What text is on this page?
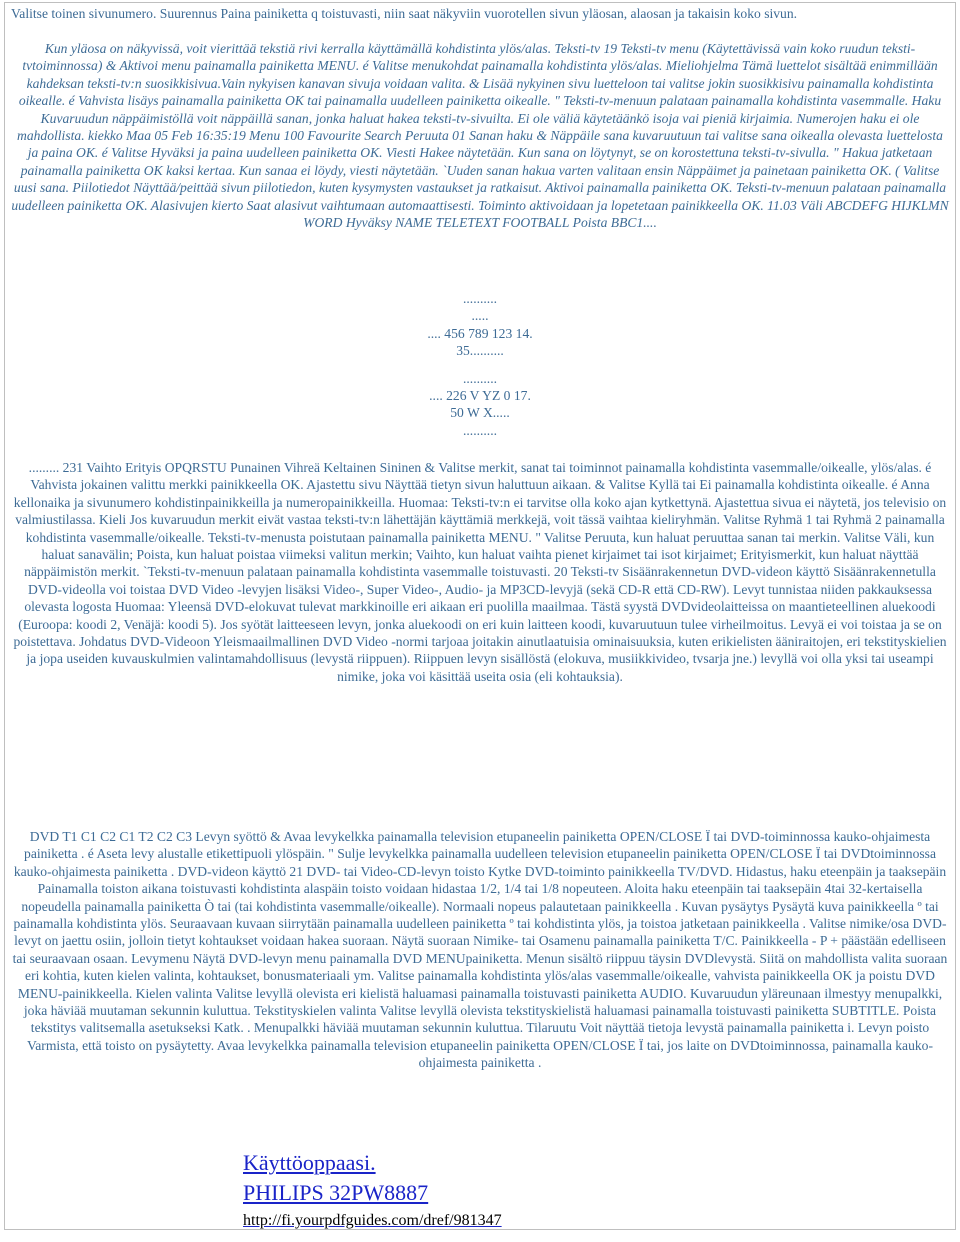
Valitse toinen sivunumero. Suurennus Paina painiketta q toistuvasti, niin saat näkyviin vuorotellen sivun yläosan, alaosan ja takaisin koko sivun.

Kun yläosa on näkyvissä, voit vierittää tekstiä rivi kerralla käyttämällä kohdistinta ylös/alas. Teksti-tv 19 Teksti-tv menu (Käytettävissä vain koko ruudun teksti-tvtoiminnossa) & Aktivoi menu painamalla painiketta MENU. é Valitse menukohdat painamalla kohdistinta ylös/alas. Mieliohjelma Tämä luettelot sisältää enimmillään kahdeksan teksti-tv:n suosikkisivua.Vain nykyisen kanavan sivuja voidaan valita. & Lisää nykyinen sivu luetteloon tai valitse jokin suosikkisivu painamalla kohdistinta oikealle. é Vahvista lisäys painamalla painiketta OK tai painamalla uudelleen painiketta oikealle. " Teksti-tv-menuun palataan painamalla kohdistinta vasemmalle. Haku Kuvaruudun näppäimistöllä voit näppäillä sanan, jonka haluat hakea teksti-tv-sivuilta. Ei ole väliä käytetäänkö isoja vai pieniä kirjaimia. Numerojen haku ei ole mahdollista. kiekko Maa 05 Feb 16:35:19 Menu 100 Favourite Search Peruuta 01 Sanan haku & Näppäile sana kuvaruutuun tai valitse sana oikealla olevasta luettelosta ja paina OK. é Valitse Hyväksi ja paina uudelleen painiketta OK. Viesti Hakee näytetään. Kun sana on löytynyt, se on korostettuna teksti-tv-sivulla. " Hakua jatketaan painamalla painiketta OK kaksi kertaa. Kun sanaa ei löydy, viesti näytetään. `Uuden sanan hakua varten valitaan ensin Näppäimet ja painetaan painiketta OK. ( Valitse uusi sana. Piilotiedot Näyttää/peittää sivun piilotiedon, kuten kysymysten vastaukset ja ratkaisut. Aktivoi painamalla painiketta OK. Teksti-tv-menuun palataan painamalla uudelleen painiketta OK. Alasivujen kierto Saat alasivut vaihtumaan automaattisesti. Toiminto aktivoidaan ja lopetetaan painikkeella OK. 11.03 Väli ABCDEFG HIJKLMN WORD Hyväksy NAME TELETEXT FOOTBALL Poista BBC1....

..........
.....
.... 456 789 123 14.
35..........
..........
.... 226 V YZ 0 17.
50 W X.....
..........

......... 231 Vaihto Erityis OPQRSTU Punainen Vihreä Keltainen Sininen & Valitse merkit, sanat tai toiminnot painamalla kohdistinta vasemmalle/oikealle, ylös/alas. é Vahvista jokainen valittu merkki painikkeella OK. Ajastettu sivu Näyttää tietyn sivun haluttuun aikaan. & Valitse Kyllä tai Ei painamalla kohdistinta oikealle. é Anna kellonaika ja sivunumero kohdistinpainikkeilla ja numeropainikkeilla. Huomaa: Teksti-tv:n ei tarvitse olla koko ajan kytkettynä. Ajastettua sivua ei näytetä, jos televisio on valmiustilassa. Kieli Jos kuvaruudun merkit eivät vastaa teksti-tv:n lähettäjän käyttämiä merkkejä, voit tässä vaihtaa kieliryhmän. Valitse Ryhmä 1 tai Ryhmä 2 painamalla kohdistinta vasemmalle/oikealle. Teksti-tv-menusta poistutaan painamalla painiketta MENU. " Valitse Peruuta, kun haluat peruuttaa sanan tai merkin. Valitse Väli, kun haluat sanavälin; Poista, kun haluat poistaa viimeksi valitun merkin; Vaihto, kun haluat vaihta pienet kirjaimet tai isot kirjaimet; Erityismerkit, kun haluat näyttää näppäimistön merkit. `Teksti-tv-menuun palataan painamalla kohdistinta vasemmalle toistuvasti. 20 Teksti-tv Sisäänrakennetun DVD-videon käyttö Sisäänrakennetulla DVD-videolla voi toistaa DVD Video -levyjen lisäksi Video-, Super Video-, Audio- ja MP3CD-levyjä (sekä CD-R että CD-RW). Levyt tunnistaa niiden pakkauksessa olevasta logosta Huomaa: Yleensä DVD-elokuvat tulevat markkinoille eri aikaan eri puolilla maailmaa. Tästä syystä DVDvideolaitteissa on maantieteellinen aluekoodi (Euroopa: koodi 2, Venäjä: koodi 5). Jos syötät laitteeseen levyn, jonka aluekoodi on eri kuin laitteen koodi, kuvaruutuun tulee virheilmoitus. Levyä ei voi toistaa ja se on poistettava. Johdatus DVD-Videoon Yleismaailmallinen DVD Video -normi tarjoaa joitakin ainutlaatuisia ominaisuuksia, kuten erikielisten ääniraitojen, eri tekstityskielien ja jopa useiden kuvauskulmien valintamahdollisuus (levystä riippuen). Riippuen levyn sisällöstä (elokuva, musiikkivideo, tvsarja jne.) levyllä voi olla yksi tai useampi nimike, joka voi käsittää useita osia (eli kohtauksia).

DVD T1 C1 C2 C1 T2 C2 C3 Levyn syöttö & Avaa levykelkka painamalla television etupaneelin painiketta OPEN/CLOSE Ï tai DVD-toiminnossa kauko-ohjaimesta painiketta . é Aseta levy alustalle etikettipuoli ylöspäin. " Sulje levykelkka painamalla uudelleen television etupaneelin painiketta OPEN/CLOSE Ï tai DVDtoiminnossa kauko-ohjaimesta painiketta . DVD-videon käyttö 21 DVD- tai Video-CD-levyn toisto Kytke DVD-toiminto painikkeella TV/DVD. Hidastus, haku eteenpäin ja taaksepäin Painamalla toiston aikana toistuvasti kohdistinta alaspäin toisto voidaan hidastaa 1/2, 1/4 tai 1/8 nopeuteen. Aloita haku eteenpäin tai taaksepäin 4tai 32-kertaisella nopeudella painamalla painiketta Ò tai (tai kohdistinta vasemmalle/oikealle). Normaali nopeus palautetaan painikkeella . Kuvan pysäytys Pysäytä kuva painikkeella º tai painamalla kohdistinta ylös. Seuraavaan kuvaan siirrytään painamalla uudelleen painiketta º tai kohdistinta ylös, ja toistoa jatketaan painikkeella . Valitse nimike/osa DVD-levyt on jaettu osiin, jolloin tietyt kohtaukset voidaan hakea suoraan. Näytä suoraan Nimike- tai Osamenu painamalla painiketta T/C. Painikkeella - P + päästään edelliseen tai seuraavaan osaan. Levymenu Näytä DVD-levyn menu painamalla DVD MENUpainiketta. Menun sisältö riippuu täysin DVDlevystä. Siitä on mahdollista valita suoraan eri kohtia, kuten kielen valinta, kohtaukset, bonusmateriaali ym. Valitse painamalla kohdistinta ylös/alas vasemmalle/oikealle, vahvista painikkeella OK ja poistu DVD MENU-painikkeella. Kielen valinta Valitse levyllä olevista eri kielistä haluamasi painamalla toistuvasti painiketta AUDIO. Kuvaruudun yläreunaan ilmestyy menupalkki, joka häviää muutaman sekunnin kuluttua. Tekstityskielen valinta Valitse levyllä olevista tekstityskielistä haluamasi painamalla toistuvasti painiketta SUBTITLE. Poista tekstitys valitsemalla asetukseksi Katk. . Menupalkki häviää muutaman sekunnin kuluttua. Tilaruutu Voit näyttää tietoja levystä painamalla painiketta i. Levyn poisto Varmista, että toisto on pysäytetty. Avaa levykelkka painamalla television etupaneelin painiketta OPEN/CLOSE Ï tai, jos laite on DVDtoiminnossa, painamalla kauko-ohjaimesta painiketta .

Käyttöoppaasi.
PHILIPS 32PW8887
http://fi.yourpdfguides.com/dref/981347
